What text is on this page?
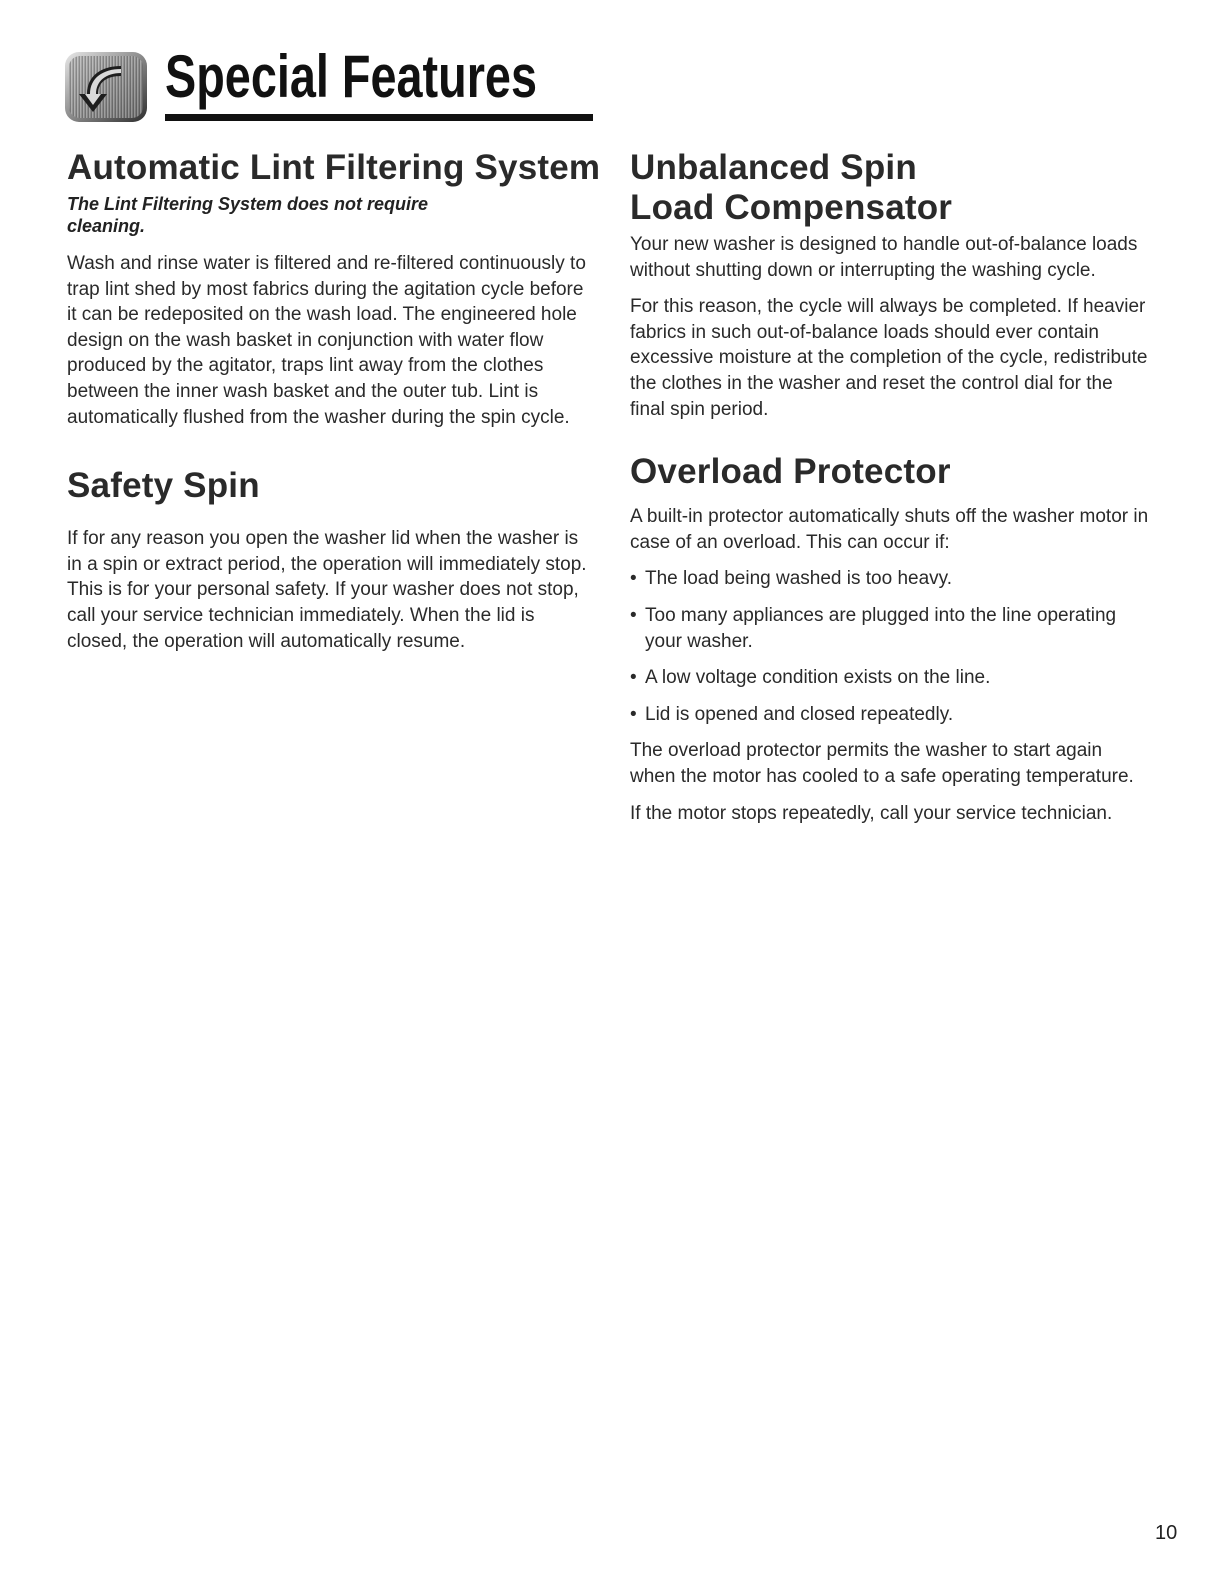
Special Features
Automatic Lint Filtering System
The Lint Filtering System does not require cleaning.

Wash and rinse water is filtered and re-filtered continuously to trap lint shed by most fabrics during the agitation cycle before it can be redeposited on the wash load. The engineered hole design on the wash basket in conjunction with water flow produced by the agitator, traps lint away from the clothes between the inner wash basket and the outer tub. Lint is automatically flushed from the washer during the spin cycle.

Safety Spin

If for any reason you open the washer lid when the washer is in a spin or extract period, the operation will immediately stop. This is for your personal safety. If your washer does not stop, call your service technician immediately. When the lid is closed, the operation will automatically resume.

Unbalanced Spin
Load Compensator

Your new washer is designed to handle out-of-balance loads without shutting down or interrupting the washing cycle.

For this reason, the cycle will always be completed. If heavier fabrics in such out-of-balance loads should ever contain excessive moisture at the completion of the cycle, redistribute the clothes in the washer and reset the control dial for the final spin period.

Overload Protector

A built-in protector automatically shuts off the washer motor in case of an overload. This can occur if:

• The load being washed is too heavy.

• Too many appliances are plugged into the line operating your washer.

• A low voltage condition exists on the line.

• Lid is opened and closed repeatedly.

The overload protector permits the washer to start again when the motor has cooled to a safe operating temperature.

If the motor stops repeatedly, call your service technician.

10
